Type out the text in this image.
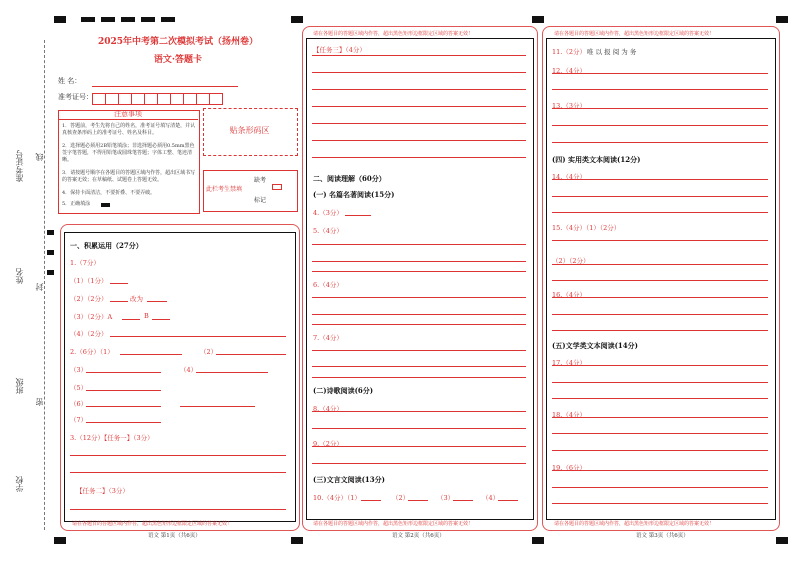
准考证号
姓名
班级
学校
线
封
密
2025年中考第二次模拟考试（扬州卷）
语文·答题卡
姓 名：
准考证号：
注意事项
1．答题前，考生先将自己的姓名，准考证号填写清楚，并认真核查条形码上的准考证号、姓名及科目。
2．选择题必须用2B铅笔填涂；非选择题必须用0.5mm黑色签字笔答题，不得用铅笔或圆珠笔答题；字体工整、笔迹清晰。
3．请按题号顺序在各题目的答题区域内作答，超出区域书写的答案无效；在草稿纸、试题卷上答题无效。
4．保持卡面清洁，不要折叠、不要弄破。
5．正确填涂
贴条形码区
此栏考生禁填
缺考
标记
请在各题目的答题区域内作答，超出黑色矩形边框限定区域的答案无效！
语文 第1页（共6页）
一、积累运用（27分）
1.（7分）
（1）（1分）
（2）（2分）	改为
（3）（2分）A	B
（4）（2分）
2.（6分）（1）	（2）
（3）	（4）
（5）
（6）
（7）
3.（12分）【任务一】（3分）
【任务二】（3分）
请在各题目的答题区域内作答，超出黑色矩形边框限定区域的答案无效！
请在各题目的答题区域内作答，超出黑色矩形边框限定区域的答案无效！
语文 第2页（共6页）
【任务三】（4分）
二、阅读理解（60分）
(一) 名篇名著阅读(15分)
4.（3分）
5.（4分）
6.（4分）
7.（4分）
(二)诗歌阅读(6分)
8.（4分）
9.（2分）
(三)文言文阅读(13分)
10.（4分）（1）	（2）	（3）	（4）
请在各题目的答题区域内作答，超出黑色矩形边框限定区域的答案无效！
请在各题目的答题区域内作答，超出黑色矩形边框限定区域的答案无效！
语文 第3页（共6页）
11.（2分） 唯 以 报 阅 为 务
12.（4分）
13.（3分）
(四) 实用类文本阅读(12分)
14.（4分）
15.（4分）（1）（2分）
（2）（2分）
16.（4分）
(五)文学类文本阅读(14分)
17.（4分）
18.（4分）
19.（6分）
